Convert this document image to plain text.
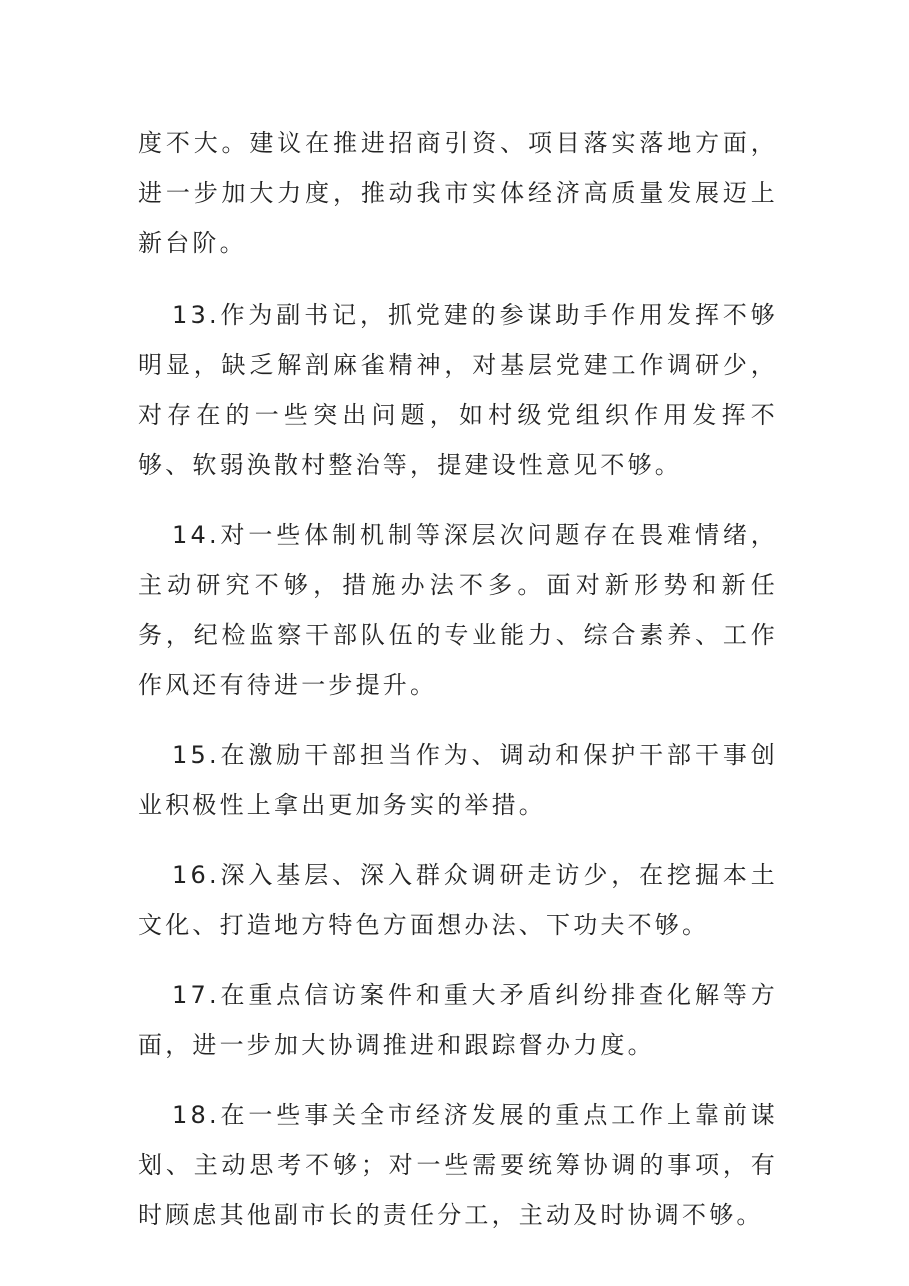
度不大。建议在推进招商引资、项目落实落地方面，进一步加大力度，推动我市实体经济高质量发展迈上新台阶。

13.作为副书记，抓党建的参谋助手作用发挥不够明显，缺乏解剖麻雀精神，对基层党建工作调研少，对存在的一些突出问题，如村级党组织作用发挥不够、软弱涣散村整治等，提建设性意见不够。

14.对一些体制机制等深层次问题存在畏难情绪，主动研究不够，措施办法不多。面对新形势和新任务，纪检监察干部队伍的专业能力、综合素养、工作作风还有待进一步提升。

15.在激励干部担当作为、调动和保护干部干事创业积极性上拿出更加务实的举措。

16.深入基层、深入群众调研走访少，在挖掘本土文化、打造地方特色方面想办法、下功夫不够。

17.在重点信访案件和重大矛盾纠纷排查化解等方面，进一步加大协调推进和跟踪督办力度。

18.在一些事关全市经济发展的重点工作上靠前谋划、主动思考不够；对一些需要统筹协调的事项，有时顾虑其他副市长的责任分工，主动及时协调不够。
